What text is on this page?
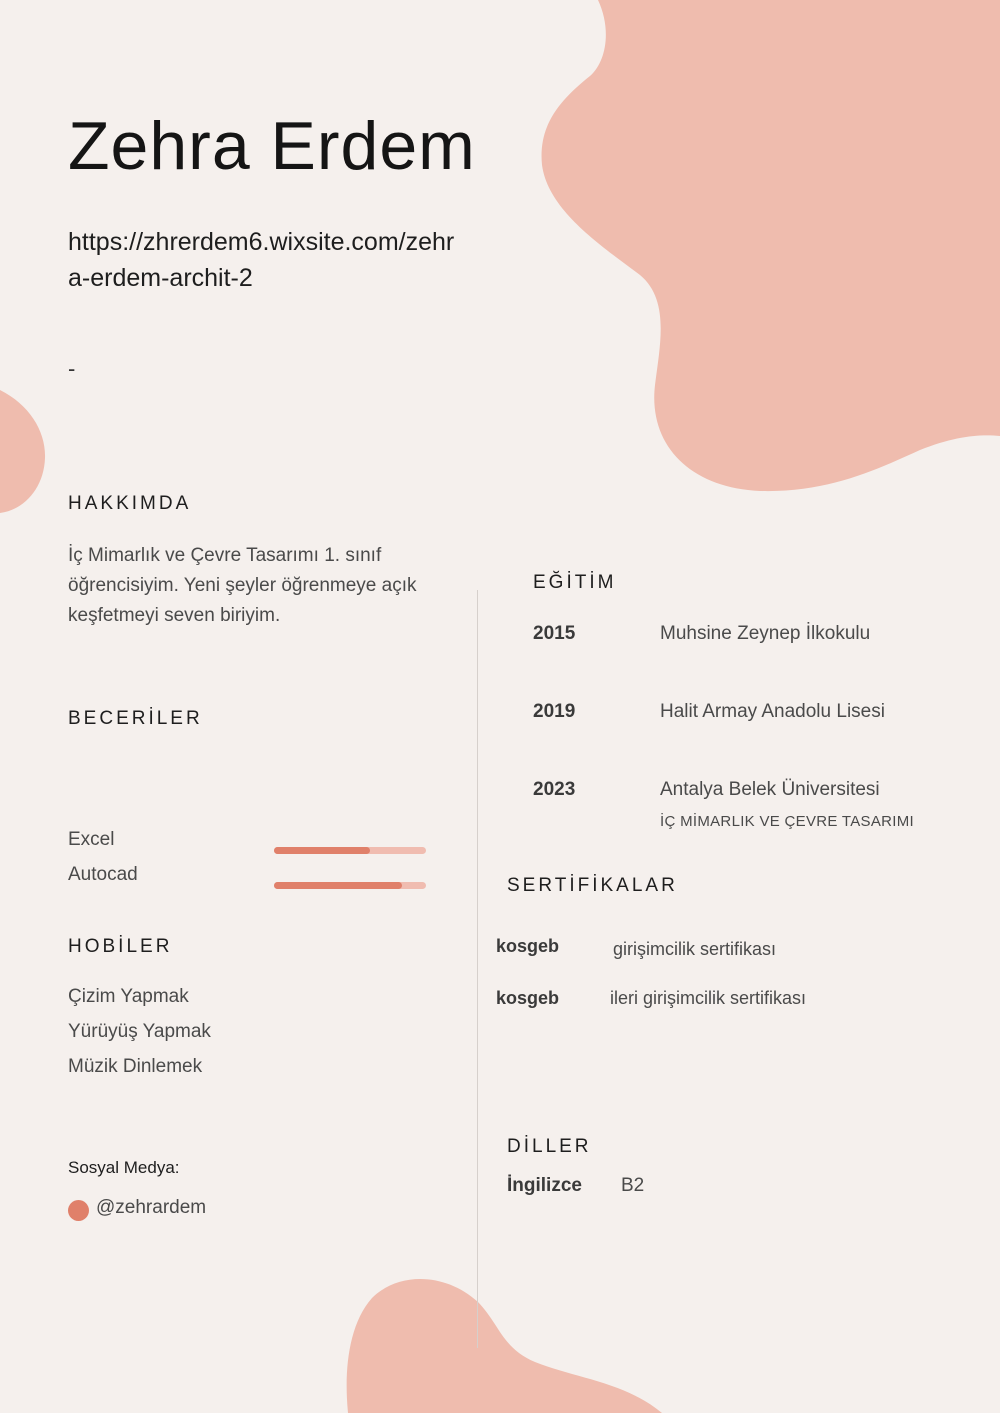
Zehra Erdem
https://zhrerdem6.wixsite.com/zehra-erdem-archit-2
-
HAKKIMDA
İç Mimarlık ve Çevre Tasarımı 1. sınıf öğrencisiyim. Yeni şeyler öğrenmeye açık keşfetmeyi seven biriyim.
BECERİLER
Excel
Autocad
HOBİLER
Çizim Yapmak
Yürüyüş Yapmak
Müzik Dinlemek
Sosyal Medya:
@zehrardem
EĞİTİM
2015	Muhsine Zeynep İlkokulu
2019	Halit Armay Anadolu Lisesi
2023	Antalya Belek Üniversitesi
İÇ MİMARLIK VE ÇEVRE TASARIMI
SERTİFİKALAR
kosgeb	girişimcilik sertifikası
kosgeb	ileri girişimcilik sertifikası
DİLLER
İngilizce B2
